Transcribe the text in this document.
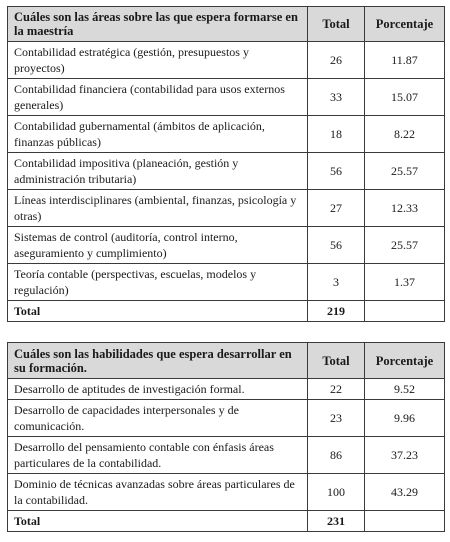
Cuáles son las áreas sobre las que espera formarse en la maestría	Total	Porcentaje
Contabilidad estratégica (gestión, presupuestos y proyectos)	26	11.87
Contabilidad financiera (contabilidad para usos externos generales)	33	15.07
Contabilidad gubernamental (ámbitos de aplicación, finanzas públicas)	18	8.22
Contabilidad impositiva (planeación, gestión y administración tributaria)	56	25.57
Líneas interdisciplinares (ambiental, finanzas, psicología y otras)	27	12.33
Sistemas de control (auditoría, control interno, aseguramiento y cumplimiento)	56	25.57
Teoría contable (perspectivas, escuelas, modelos y regulación)	3	1.37
Total	219	
Cuáles son las habilidades que espera desarrollar en su formación.	Total	Porcentaje
Desarrollo de aptitudes de investigación formal.	22	9.52
Desarrollo de capacidades interpersonales y de comunicación.	23	9.96
Desarrollo del pensamiento contable con énfasis áreas particulares de la contabilidad.	86	37.23
Dominio de técnicas avanzadas sobre áreas particulares de la contabilidad.	100	43.29
Total	231	
